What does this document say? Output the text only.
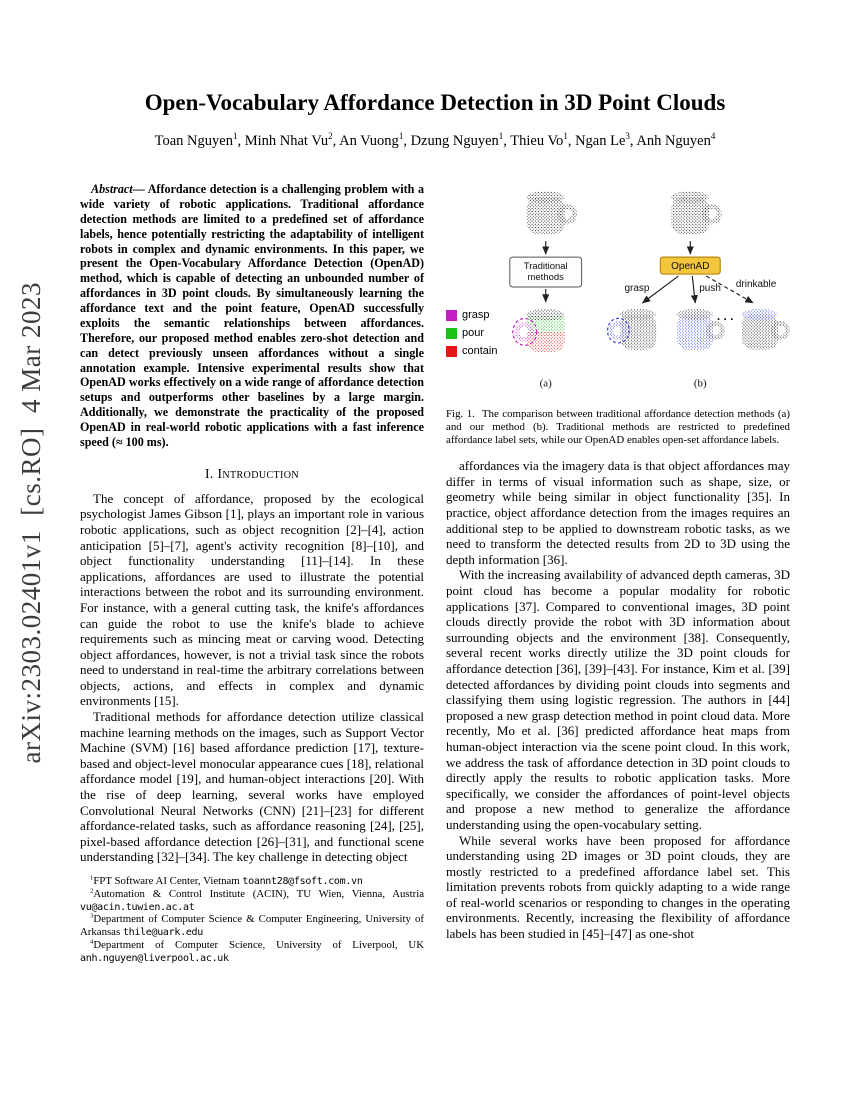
arXiv:2303.02401v1  [cs.RO]  4 Mar 2023
Open-Vocabulary Affordance Detection in 3D Point Clouds
Toan Nguyen$^1$, Minh Nhat Vu$^2$, An Vuong$^1$, Dzung Nguyen$^1$, Thieu Vo$^1$, Ngan Le$^3$, Anh Nguyen$^4$

Abstract— Affordance detection is a challenging problem with a wide variety of robotic applications. Traditional affordance detection methods are limited to a predefined set of affordance labels, hence potentially restricting the adaptability of intelligent robots in complex and dynamic environments. In this paper, we present the Open-Vocabulary Affordance Detection (OpenAD) method, which is capable of detecting an unbounded number of affordances in 3D point clouds. By simultaneously learning the affordance text and the point feature, OpenAD successfully exploits the semantic relationships between affordances. Therefore, our proposed method enables zero-shot detection and can detect previously unseen affordances without a single annotation example. Intensive experimental results show that OpenAD works effectively on a wide range of affordance detection setups and outperforms other baselines by a large margin. Additionally, we demonstrate the practicality of the proposed OpenAD in real-world robotic applications with a fast inference speed (≈ 100 ms).

I. Introduction

The concept of affordance, proposed by the ecological psychologist James Gibson [1], plays an important role in various robotic applications, such as object recognition [2]–[4], action anticipation [5]–[7], agent's activity recognition [8]–[10], and object functionality understanding [11]–[14]. In these applications, affordances are used to illustrate the potential interactions between the robot and its surrounding environment. For instance, with a general cutting task, the knife's affordances can guide the robot to use the knife's blade to achieve requirements such as mincing meat or carving wood. Detecting object affordances, however, is not a trivial task since the robots need to understand in real-time the arbitrary correlations between objects, actions, and effects in complex and dynamic environments [15].

Traditional methods for affordance detection utilize classical machine learning methods on the images, such as Support Vector Machine (SVM) [16] based affordance prediction [17], texture-based and object-level monocular appearance cues [18], relational affordance model [19], and human-object interactions [20]. With the rise of deep learning, several works have employed Convolutional Neural Networks (CNN) [21]–[23] for different affordance-related tasks, such as affordance reasoning [24], [25], pixel-based affordance detection [26]–[31], and functional scene understanding [32]–[34]. The key challenge in detecting object

$^1$FPT Software AI Center, Vietnam toannt28@fsoft.com.vn

$^2$Automation & Control Institute (ACIN), TU Wien, Vienna, Austria vu@acin.tuwien.ac.at

$^3$Department of Computer Science & Computer Engineering, University of Arkansas thile@uark.edu

$^4$Department of Computer Science, University of Liverpool, UK anh.nguyen@liverpool.ac.uk

Traditional
methods
OpenAD
grasp	push drinkable
. . .
(a)	(b)
grasp
pour
contain

Fig. 1. The comparison between traditional affordance detection methods (a) and our method (b). Traditional methods are restricted to predefined affordance label sets, while our OpenAD enables open-set affordance labels.

affordances via the imagery data is that object affordances may differ in terms of visual information such as shape, size, or geometry while being similar in object functionality [35]. In practice, object affordance detection from the images requires an additional step to be applied to downstream robotic tasks, as we need to transform the detected results from 2D to 3D using the depth information [36].

With the increasing availability of advanced depth cameras, 3D point cloud has become a popular modality for robotic applications [37]. Compared to conventional images, 3D point clouds directly provide the robot with 3D information about surrounding objects and the environment [38]. Consequently, several recent works directly utilize the 3D point clouds for affordance detection [36], [39]–[43]. For instance, Kim et al. [39] detected affordances by dividing point clouds into segments and classifying them using logistic regression. The authors in [44] proposed a new grasp detection method in point cloud data. More recently, Mo et al. [36] predicted affordance heat maps from human-object interaction via the scene point cloud. In this work, we address the task of affordance detection in 3D point clouds to directly apply the results to robotic application tasks. More specifically, we consider the affordances of point-level objects and propose a new method to generalize the affordance understanding using the open-vocabulary setting.

While several works have been proposed for affordance understanding using 2D images or 3D point clouds, they are mostly restricted to a predefined affordance label set. This limitation prevents robots from quickly adapting to a wide range of real-world scenarios or responding to changes in the operating environments. Recently, increasing the flexibility of affordance labels has been studied in [45]–[47] as one-shot
